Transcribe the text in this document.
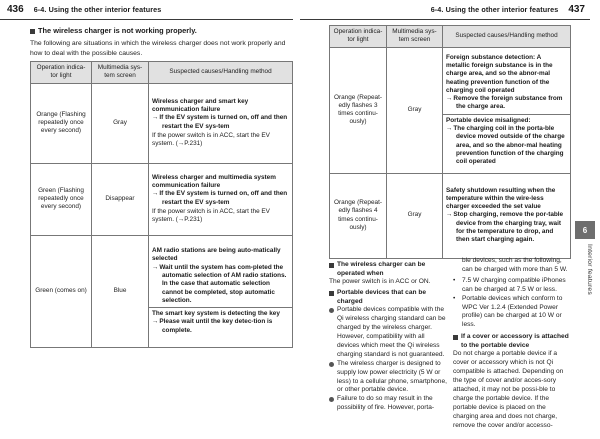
436 6-4. Using the other interior features	6-4. Using the other interior features 437
6
Interior features
The wireless charger is not working properly.
The following are situations in which the wireless charger does not work properly and how to deal with the possible causes.
Operation indica-tor light	Multimedia sys-tem screen	Suspected causes/Handling method
Orange (Flashing repeatedly once every second)	Gray	Wireless charger and smart key communication failure
→ If the EV system is turned on, off and then restart the EV sys-tem
If the power switch is in ACC, start the EV system. (→P.231)

Green (Flashing repeatedly once every second)	Disappear	Wireless charger and multimedia system communication failure
→ If the EV system is turned on, off and then restart the EV sys-tem
If the power switch is in ACC, start the EV system. (→P.231)

Green (comes on)	Blue	AM radio stations are being auto-matically selected
→ Wait until the system has com-pleted the automatic selection of AM radio stations. In the case that automatic selection cannot be completed, stop automatic selection.
The smart key system is detecting the key
→ Please wait until the key detec-tion is complete.
Operation indica-tor light	Multimedia sys-tem screen	Suspected causes/Handling method
Orange (Repeat-edly flashes 3 times continu-ously)	Gray	Foreign substance detection: A metallic foreign substance is in the charge area, and so the abnor-mal heating prevention function of the charging coil operated
→ Remove the foreign substance from the charge area.
Portable device misaligned:
→ The charging coil in the porta-ble device moved outside of the charge area, and so the abnor-mal heating prevention function of the charging coil operated

Orange (Repeat-edly flashes 4 times continu-ously)	Gray	Safety shutdown resulting when the temperature within the wire-less charger exceeded the set value
→ Stop charging, remove the por-table device from the charging tray, wait for the temperature to drop, and then start charging again.
The wireless charger can be operated when
The power switch is in ACC or ON.
Portable devices that can be charged
Portable devices compatible with the Qi wireless charging standard can be charged by the wireless charger. However, compatibility with all devices which meet the Qi wireless charging standard is not guaranteed.
The wireless charger is designed to supply low power electricity (5 W or less) to a cellular phone, smartphone, or other portable device.
Failure to do so may result in the possibility of fire. However, porta-
ble devices, such as the following, can be charged with more than 5 W.
•	7.5 W charging compatible iPhones can be charged at 7.5 W or less.
•	Portable devices which conform to WPC Ver 1.2.4 (Extended Power profile) can be charged at 10 W or less.
If a cover or accessory is attached to the portable device
Do not charge a portable device if a cover or accessory which is not Qi compatible is attached. Depending on the type of cover and/or acces-sory attached, it may not be possi-ble to charge the portable device. If the portable device is placed on the charging area and does not charge, remove the cover and/or accesso-
